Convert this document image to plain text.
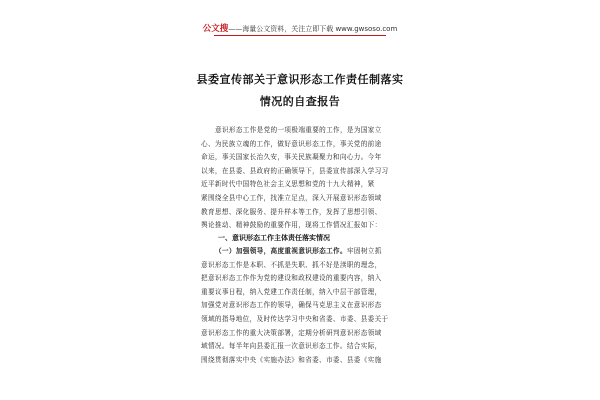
公文搜——海量公文资料，关注立即下载 www.gwsoso.com
县委宣传部关于意识形态工作责任制落实
情况的自查报告
意识形态工作是党的一项极端重要的工作，是为国家立
心、为民族立魂的工作，做好意识形态工作，事关党的前途
命运，事关国家长治久安，事关民族凝聚力和向心力。今年
以来，在县委、县政府的正确领导下，县委宣传部深入学习习
近平新时代中国特色社会主义思想和党的十九大精神，紧
紧围绕全县中心工作，找准立足点，深入开展意识形态领域
教育思想、深化服务、提升样本等工作，发挥了思想引领、
舆论推动、精神鼓励的重要作用，现将工作情况汇报如下：
一、意识形态工作主体责任落实情况
（一）加强领导，高度重视意识形态工作。牢固树立抓
意识形态工作是本职、不抓是失职、抓不好是渎职的理念，
把意识形态工作作为党的建设和政权建设的重要内容，纳入
重要议事日程，纳入党建工作责任制，纳入中层干部管理，
加强党对意识形态工作的领导，确保马克思主义在意识形态
领域的指导地位，及时传达学习中央和省委、市委、县委关于
意识形态工作的重大决策部署，定期分析研判意识形态领域
域情况。每半年向县委汇报一次意识形态工作。结合实际，
围绕贯彻落实中央《实施办法》和省委、市委、县委《实施
